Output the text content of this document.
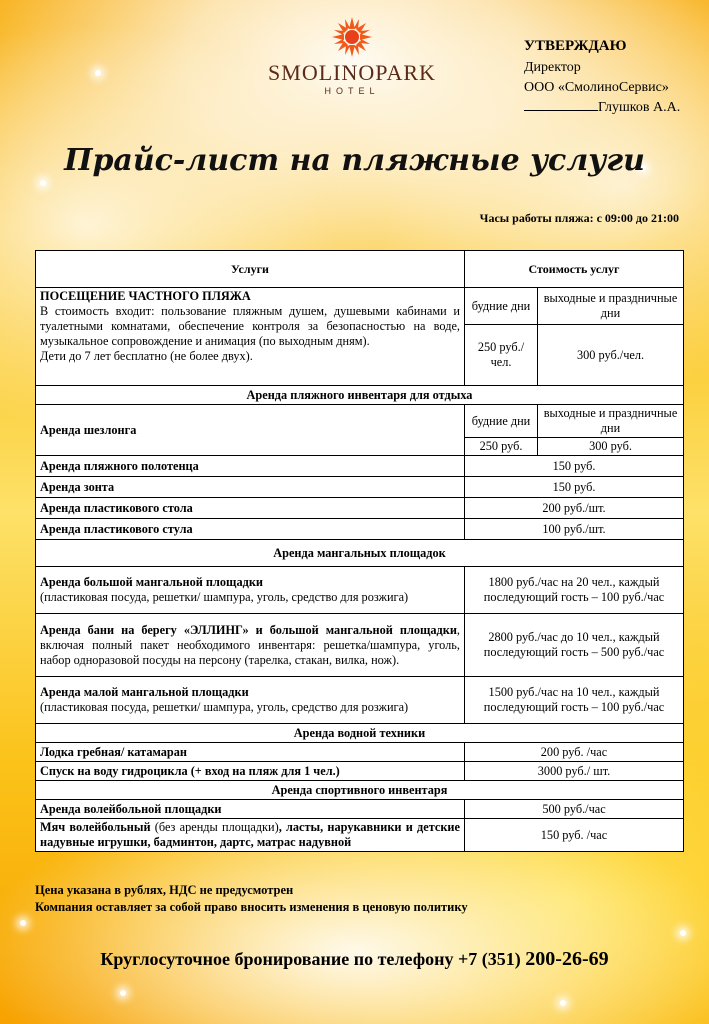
SMOLINOPARK
HOTEL
УТВЕРЖДАЮ
Директор
ООО «СмолиноСервис»
Глушков А.А.
Прайс-лист на пляжные услуги
Часы работы пляжа: с 09:00 до 21:00
Услуги	Стоимость услуг	
ПОСЕЩЕНИЕ ЧАСТНОГО ПЛЯЖА
В стоимость входит: пользование пляжным душем, душевыми кабинами и туалетными комнатами, обеспечение контроля за безопасностью на воде, музыкальное сопровождение и анимация (по выходным дням).
Дети до 7 лет бесплатно (не более двух).	будние дни	выходные и праздничные дни
	250 руб./чел.	300 руб./чел.
Аренда пляжного инвентаря для отдыха		
Аренда шезлонга	будние дни	выходные и праздничные дни
	250 руб.	300 руб.
Аренда пляжного полотенца	150 руб.	
Аренда зонта	150 руб.	
Аренда пластикового стола	200 руб./шт.	
Аренда пластикового стула	100 руб./шт.	
Аренда мангальных площадок		
Аренда большой мангальной площадки
(пластиковая посуда, решетки/ шампура, уголь, средство для розжига)	1800 руб./час на 20 чел., каждый последующий гость – 100 руб./час	
Аренда бани на берегу «ЭЛЛИНГ» и большой мангальной площадки, включая полный пакет необходимого инвентаря: решетка/шампура, уголь, набор одноразовой посуды на персону (тарелка, стакан, вилка, нож).	2800 руб./час до 10 чел., каждый последующий гость – 500 руб./час	
Аренда малой мангальной площадки
(пластиковая посуда, решетки/ шампура, уголь, средство для розжига)	1500 руб./час на 10 чел., каждый последующий гость – 100 руб./час	
Аренда водной техники		
Лодка гребная/ катамаран	200 руб. /час	
Спуск на воду гидроцикла (+ вход на пляж для 1 чел.)	3000 руб./ шт.	
Аренда спортивного инвентаря		
Аренда волейбольной площадки	500 руб./час	
Мяч волейбольный (без аренды площадки), ласты, нарукавники и детские надувные игрушки, бадминтон, дартс, матрас надувной	150 руб. /час	
Цена указана в рублях, НДС не предусмотрен
Компания оставляет за собой право вносить изменения в ценовую политику
Круглосуточное бронирование по телефону +7 (351) 200-26-69
